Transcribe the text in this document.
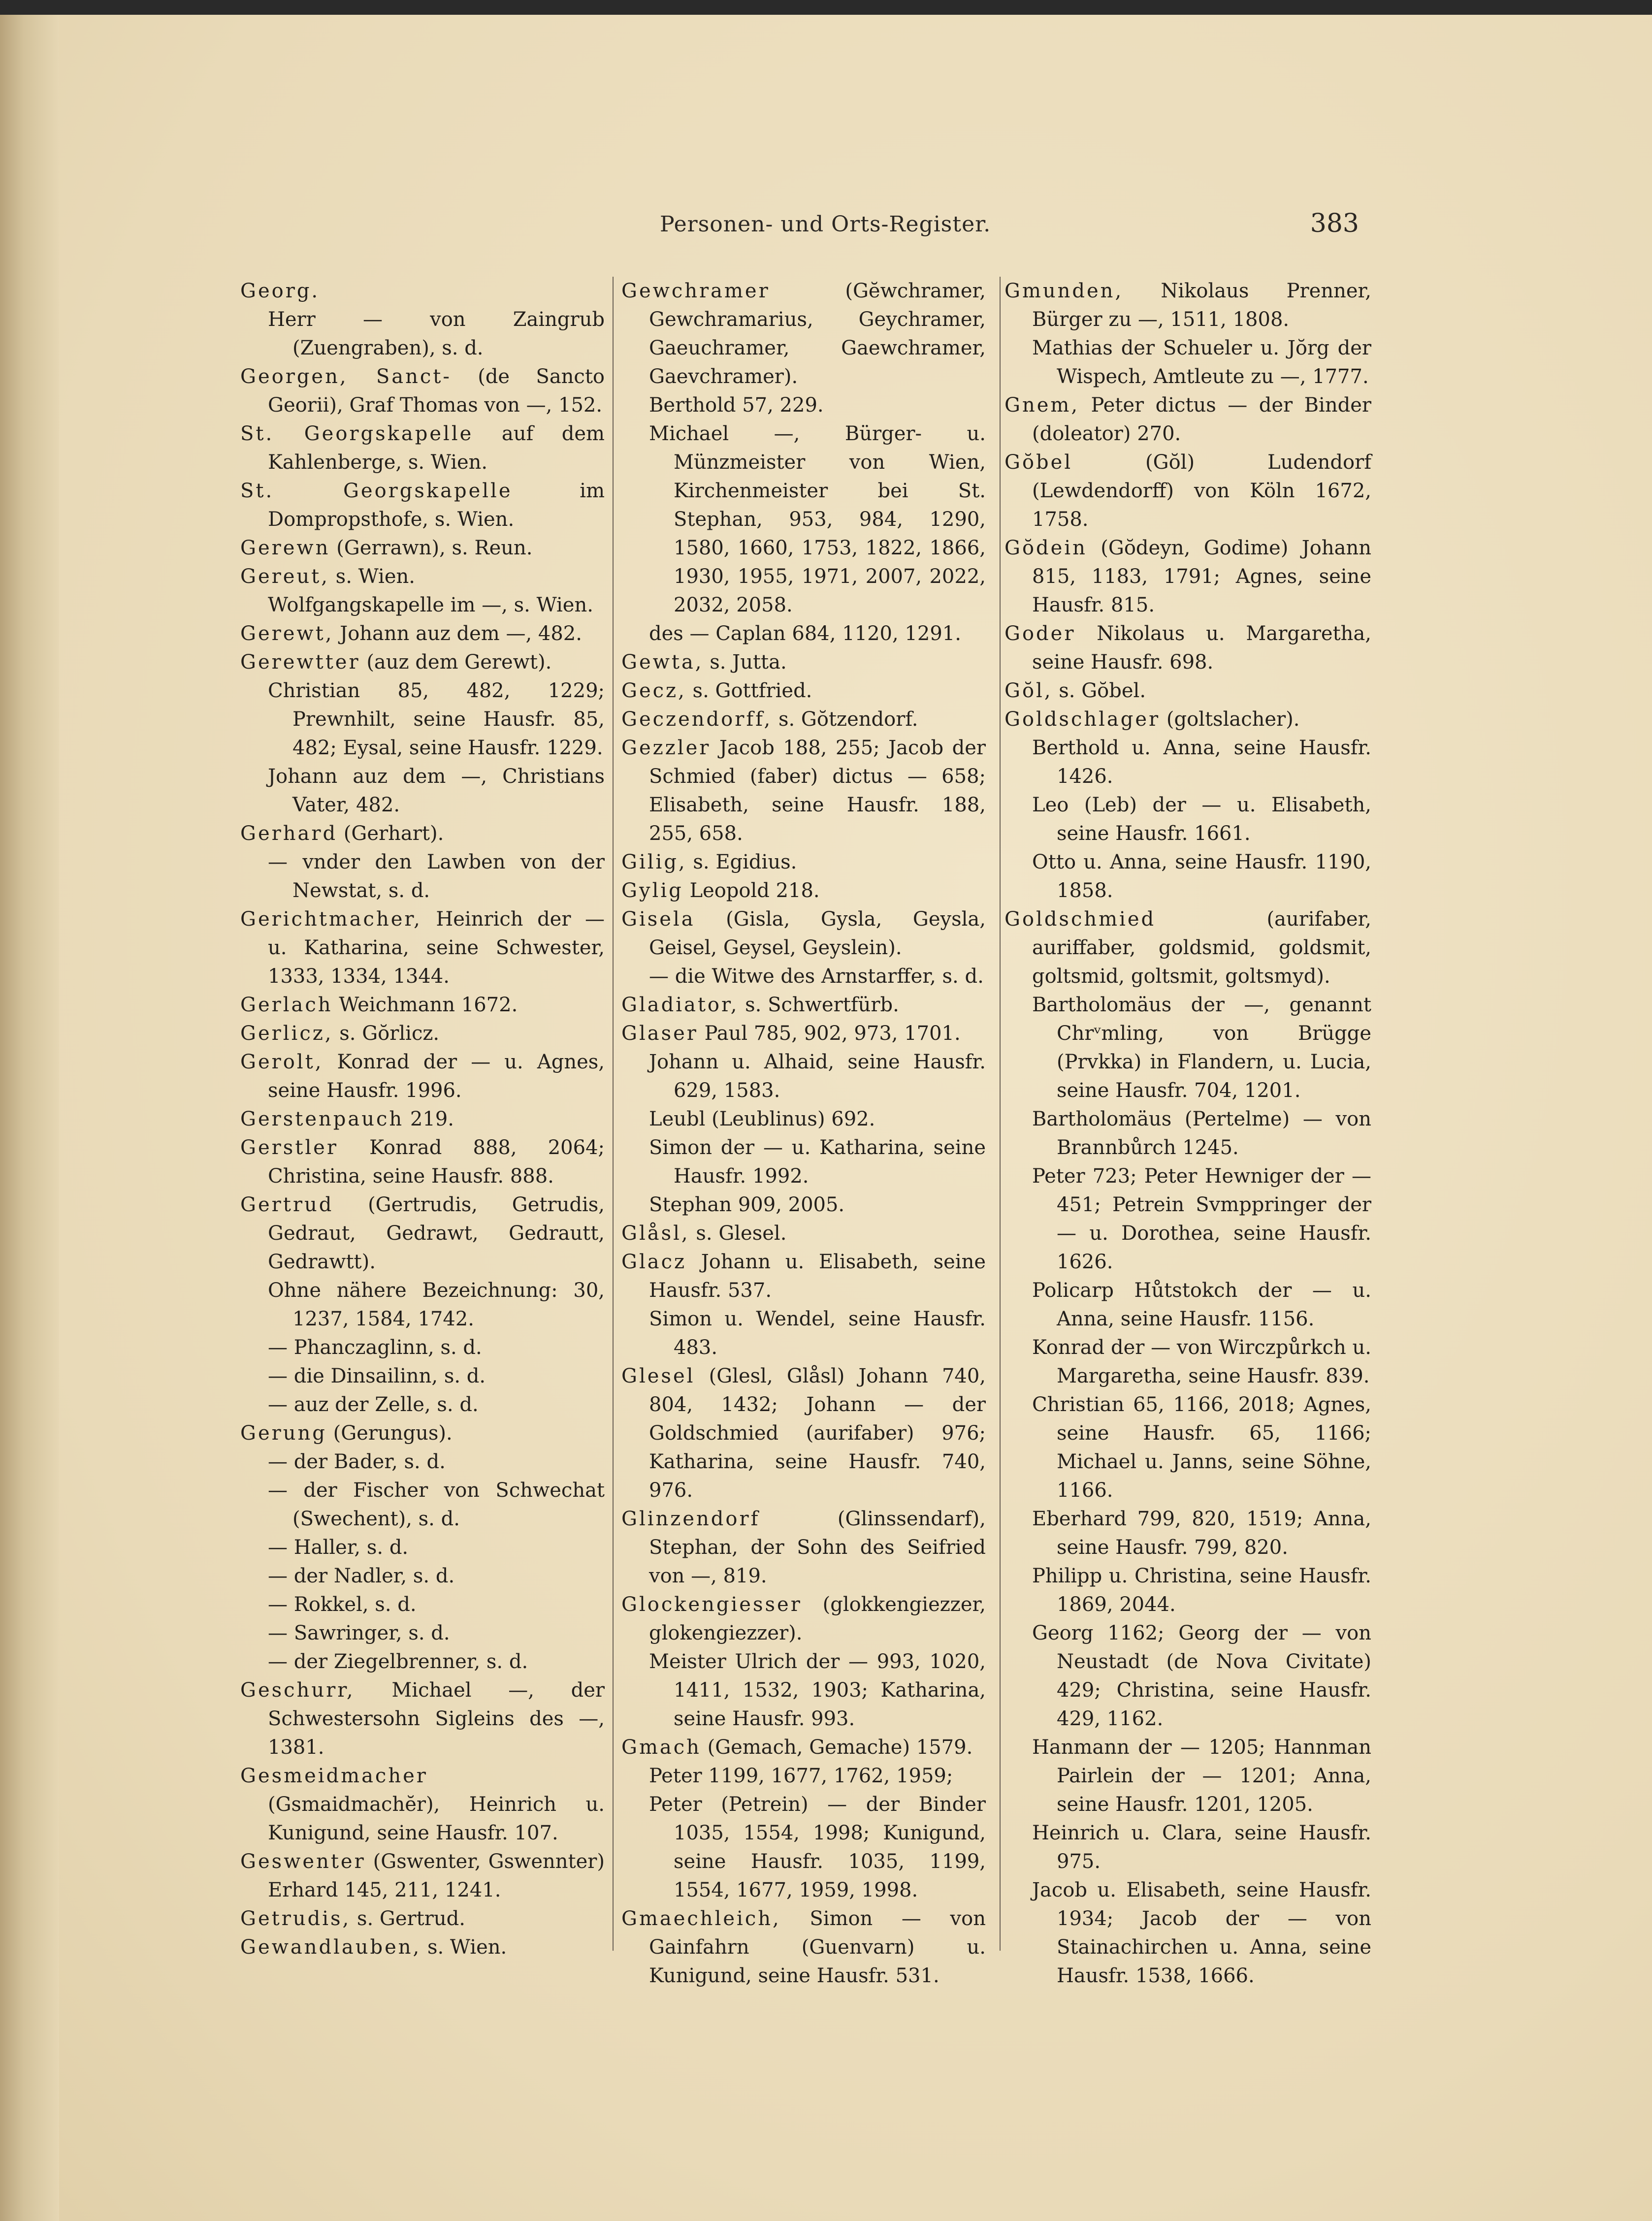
Personen- und Orts-Register.	383

Georg.

Herr — von Zaingrub (Zuengraben), s. d.

Georgen, Sanct- (de Sancto Georii), Graf Thomas von —, 152.

St. Georgskapelle auf dem Kahlenberge, s. Wien.

St. Georgskapelle im Dompropsthofe, s. Wien.

Gerewn (Gerrawn), s. Reun.

Gereut, s. Wien.

Wolfgangskapelle im —, s. Wien.

Gerewt, Johann auz dem —, 482.

Gerewtter (auz dem Gerewt).

Christian 85, 482, 1229; Prewnhilt, seine Hausfr. 85, 482; Eysal, seine Hausfr. 1229.

Johann auz dem —, Christians Vater, 482.

Gerhard (Gerhart).

— vnder den Lawben von der Newstat, s. d.

Gerichtmacher, Heinrich der — u. Katharina, seine Schwester, 1333, 1334, 1344.

Gerlach Weichmann 1672.

Gerlicz, s. Gŏrlicz.

Gerolt, Konrad der — u. Agnes, seine Hausfr. 1996.

Gerstenpauch 219.

Gerstler Konrad 888, 2064; Christina, seine Hausfr. 888.

Gertrud (Gertrudis, Getrudis, Gedraut, Gedrawt, Gedrautt, Gedrawtt).

Ohne nähere Bezeichnung: 30, 1237, 1584, 1742.

— Phanczaglinn, s. d.

— die Dinsailinn, s. d.

— auz der Zelle, s. d.

Gerung (Gerungus).

— der Bader, s. d.

— der Fischer von Schwechat (Swechent), s. d.

— Haller, s. d.

— der Nadler, s. d.

— Rokkel, s. d.

— Sawringer, s. d.

— der Ziegelbrenner, s. d.

Geschurr, Michael —, der Schwestersohn Sigleins des —, 1381.

Gesmeidmacher (Gsmaidmachĕr), Heinrich u. Kunigund, seine Hausfr. 107.

Geswenter (Gswenter, Gswennter) Erhard 145, 211, 1241.

Getrudis, s. Gertrud.

Gewandlauben, s. Wien.

Gewchramer (Gĕwchramer, Gewchramarius, Geychramer, Gaeuchramer, Gaewchramer, Gaevchramer).

Berthold 57, 229.

Michael —, Bürger- u. Münzmeister von Wien, Kirchenmeister bei St. Stephan, 953, 984, 1290, 1580, 1660, 1753, 1822, 1866, 1930, 1955, 1971, 2007, 2022, 2032, 2058.

des — Caplan 684, 1120, 1291.

Gewta, s. Jutta.

Gecz, s. Gottfried.

Geczendorff, s. Gŏtzendorf.

Gezzler Jacob 188, 255; Jacob der Schmied (faber) dictus — 658; Elisabeth, seine Hausfr. 188, 255, 658.

Gilig, s. Egidius.

Gylig Leopold 218.

Gisela (Gisla, Gysla, Geysla, Geisel, Geysel, Geyslein).

— die Witwe des Arnstarffer, s. d.

Gladiator, s. Schwertfürb.

Glaser Paul 785, 902, 973, 1701.

Johann u. Alhaid, seine Hausfr. 629, 1583.

Leubl (Leublinus) 692.

Simon der — u. Katharina, seine Hausfr. 1992.

Stephan 909, 2005.

Glåsl, s. Glesel.

Glacz Johann u. Elisabeth, seine Hausfr. 537.

Simon u. Wendel, seine Hausfr. 483.

Glesel (Glesl, Glåsl) Johann 740, 804, 1432; Johann — der Goldschmied (aurifaber) 976; Katharina, seine Hausfr. 740, 976.

Glinzendorf (Glinssendarf), Stephan, der Sohn des Seifried von —, 819.

Glockengiesser (glokkengiezzer, glokengiezzer).

Meister Ulrich der — 993, 1020, 1411, 1532, 1903; Katharina, seine Hausfr. 993.

Gmach (Gemach, Gemache) 1579.

Peter 1199, 1677, 1762, 1959;

Peter (Petrein) — der Binder 1035, 1554, 1998; Kunigund, seine Hausfr. 1035, 1199, 1554, 1677, 1959, 1998.

Gmaechleich, Simon — von Gainfahrn (Guenvarn) u. Kunigund, seine Hausfr. 531.

Gmunden, Nikolaus Prenner, Bürger zu —, 1511, 1808.

Mathias der Schueler u. Jŏrg der Wispech, Amtleute zu —, 1777.

Gnem, Peter dictus — der Binder (doleator) 270.

Gŏbel (Gŏl) Ludendorf (Lewdendorff) von Köln 1672, 1758.

Gŏdein (Gŏdeyn, Godime) Johann 815, 1183, 1791; Agnes, seine Hausfr. 815.

Goder Nikolaus u. Margaretha, seine Hausfr. 698.

Gŏl, s. Gŏbel.

Goldschlager (goltslacher).

Berthold u. Anna, seine Hausfr. 1426.

Leo (Leb) der — u. Elisabeth, seine Hausfr. 1661.

Otto u. Anna, seine Hausfr. 1190, 1858.

Goldschmied (aurifaber, auriffaber, goldsmid, goldsmit, goltsmid, goltsmit, goltsmyd).

Bartholomäus der —, genannt Chrᵛmling, von Brügge (Prvkka) in Flandern, u. Lucia, seine Hausfr. 704, 1201.

Bartholomäus (Pertelme) — von Brannbůrch 1245.

Peter 723; Peter Hewniger der — 451; Petrein Svmppringer der — u. Dorothea, seine Hausfr. 1626.

Policarp Hůtstokch der — u. Anna, seine Hausfr. 1156.

Konrad der — von Wirczpůrkch u. Margaretha, seine Hausfr. 839.

Christian 65, 1166, 2018; Agnes, seine Hausfr. 65, 1166; Michael u. Janns, seine Söhne, 1166.

Eberhard 799, 820, 1519; Anna, seine Hausfr. 799, 820.

Philipp u. Christina, seine Hausfr. 1869, 2044.

Georg 1162; Georg der — von Neustadt (de Nova Civitate) 429; Christina, seine Hausfr. 429, 1162.

Hanmann der — 1205; Hannman Pairlein der — 1201; Anna, seine Hausfr. 1201, 1205.

Heinrich u. Clara, seine Hausfr. 975.

Jacob u. Elisabeth, seine Hausfr. 1934; Jacob der — von Stainachirchen u. Anna, seine Hausfr. 1538, 1666.
